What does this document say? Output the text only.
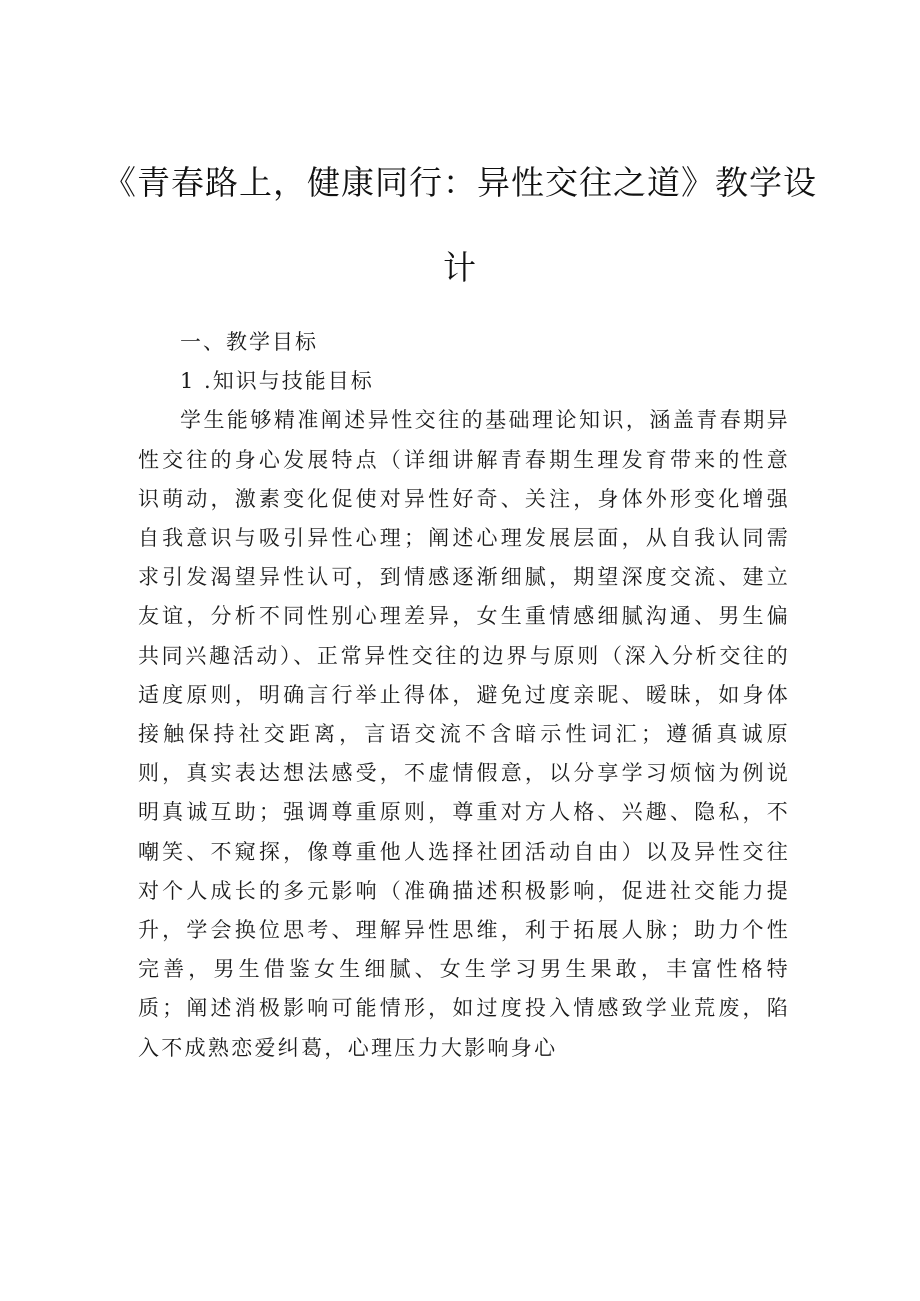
《青春路上，健康同行：异性交往之道》教学设计

一、教学目标

1 .知识与技能目标

学生能够精准阐述异性交往的基础理论知识，涵盖青春期异性交往的身心发展特点（详细讲解青春期生理发育带来的性意识萌动，激素变化促使对异性好奇、关注，身体外形变化增强自我意识与吸引异性心理；阐述心理发展层面，从自我认同需求引发渴望异性认可，到情感逐渐细腻，期望深度交流、建立友谊，分析不同性别心理差异，女生重情感细腻沟通、男生偏共同兴趣活动）、正常异性交往的边界与原则（深入分析交往的适度原则，明确言行举止得体，避免过度亲昵、暧昧，如身体接触保持社交距离，言语交流不含暗示性词汇；遵循真诚原则，真实表达想法感受，不虚情假意，以分享学习烦恼为例说明真诚互助；强调尊重原则，尊重对方人格、兴趣、隐私，不嘲笑、不窥探，像尊重他人选择社团活动自由）以及异性交往对个人成长的多元影响（准确描述积极影响，促进社交能力提升，学会换位思考、理解异性思维，利于拓展人脉；助力个性完善，男生借鉴女生细腻、女生学习男生果敢，丰富性格特质；阐述消极影响可能情形，如过度投入情感致学业荒废，陷入不成熟恋爱纠葛，心理压力大影响身心
